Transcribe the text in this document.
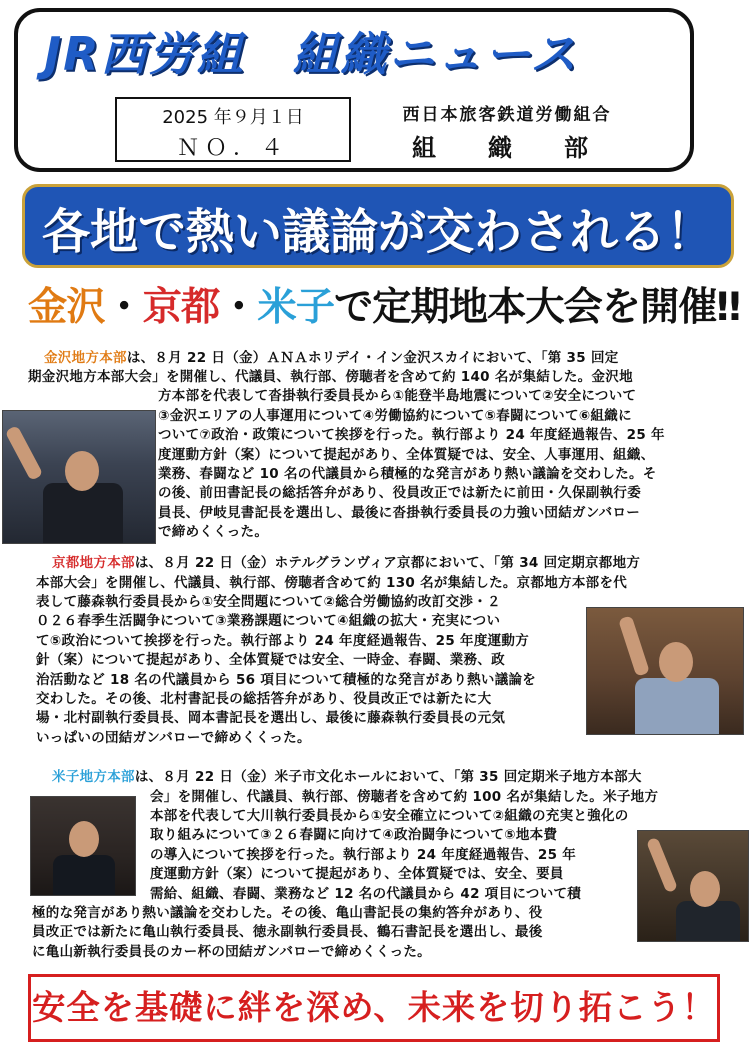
JR西労組　組織ニュース
2025 年９月１日
ＮＯ．４
西日本旅客鉄道労働組合
組　織　部
各地で熱い議論が交わされる！
金沢・京都・米子で定期地本大会を開催‼
金沢地方本部は、８月 22 日（金）ＡＮＡホリデイ・イン金沢スカイにおいて、「第 35 回定
期金沢地方本部大会」を開催し、代議員、執行部、傍聴者を含めて約 140 名が集結した。金沢地
方本部を代表して沓掛執行委員長から①能登半島地震について②安全について
③金沢エリアの人事運用について④労働協約について⑤春闘について⑥組織に
ついて⑦政治・政策について挨拶を行った。執行部より 24 年度経過報告、25 年
度運動方針（案）について提起があり、全体質疑では、安全、人事運用、組織、
業務、春闘など 10 名の代議員から積極的な発言があり熱い議論を交わした。そ
の後、前田書記長の総括答弁があり、役員改正では新たに前田・久保副執行委
員長、伊岐見書記長を選出し、最後に沓掛執行委員長の力強い団結ガンバロー
で締めくくった。
京都地方本部は、８月 22 日（金）ホテルグランヴィア京都において、「第 34 回定期京都地方
本部大会」を開催し、代議員、執行部、傍聴者含めて約 130 名が集結した。京都地方本部を代
表して藤森執行委員長から①安全問題について②総合労働協約改訂交渉・２
０２６春季生活闘争について③業務課題について④組織の拡大・充実につい
て⑤政治について挨拶を行った。執行部より 24 年度経過報告、25 年度運動方
針（案）について提起があり、全体質疑では安全、一時金、春闘、業務、政
治活動など 18 名の代議員から 56 項目について積極的な発言があり熱い議論を
交わした。その後、北村書記長の総括答弁があり、役員改正では新たに大
場・北村副執行委員長、岡本書記長を選出し、最後に藤森執行委員長の元気
いっぱいの団結ガンバローで締めくくった。
米子地方本部は、８月 22 日（金）米子市文化ホールにおいて、「第 35 回定期米子地方本部大
会」を開催し、代議員、執行部、傍聴者を含めて約 100 名が集結した。米子地方
本部を代表して大川執行委員長から①安全確立について②組織の充実と強化の
取り組みについて③２６春闘に向けて④政治闘争について⑤地本費
の導入について挨拶を行った。執行部より 24 年度経過報告、25 年
度運動方針（案）について提起があり、全体質疑では、安全、要員
需給、組織、春闘、業務など 12 名の代議員から 42 項目について積
極的な発言があり熱い議論を交わした。その後、亀山書記長の集約答弁があり、役
員改正では新たに亀山執行委員長、徳永副執行委員長、鶴石書記長を選出し、最後
に亀山新執行委員長のカー杯の団結ガンバローで締めくくった。
安全を基礎に絆を深め、未来を切り拓こう！
